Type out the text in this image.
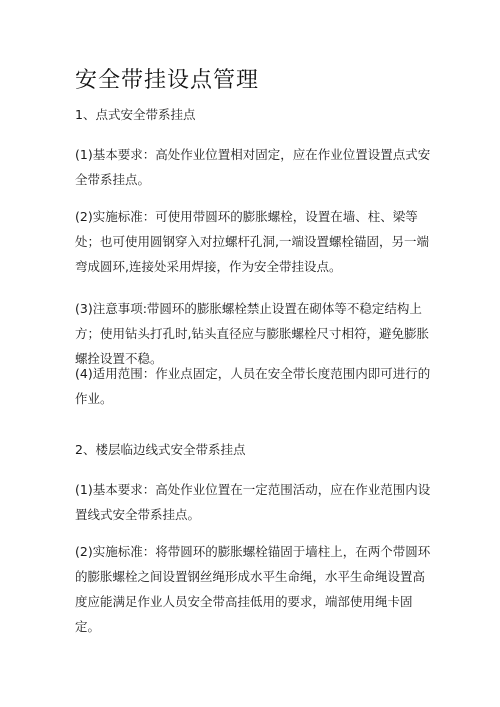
安全带挂设点管理
1、点式安全带系挂点

(1)基本要求：高处作业位置相对固定，应在作业位置设置点式安全带系挂点。

(2)实施标准：可使用带圆环的膨胀螺栓，设置在墙、柱、梁等处；也可使用圆钢穿入对拉螺杆孔洞,一端设置螺栓锚固，另一端弯成圆环,连接处采用焊接，作为安全带挂设点。

(3)注意事项:带圆环的膨胀螺栓禁止设置在砌体等不稳定结构上方；使用钻头打孔时,钻头直径应与膨胀螺栓尺寸相符，避免膨胀螺拴设置不稳。

(4)适用范围：作业点固定，人员在安全带长度范围内即可进行的作业。

2、楼层临边线式安全带系挂点

(1)基本要求：高处作业位置在一定范围活动，应在作业范围内设置线式安全带系挂点。

(2)实施标准：将带圆环的膨胀螺栓锚固于墙柱上，在两个带圆环的膨胀螺栓之间设置钢丝绳形成水平生命绳，水平生命绳设置高度应能满足作业人员安全带高挂低用的要求，端部使用绳卡固定。
